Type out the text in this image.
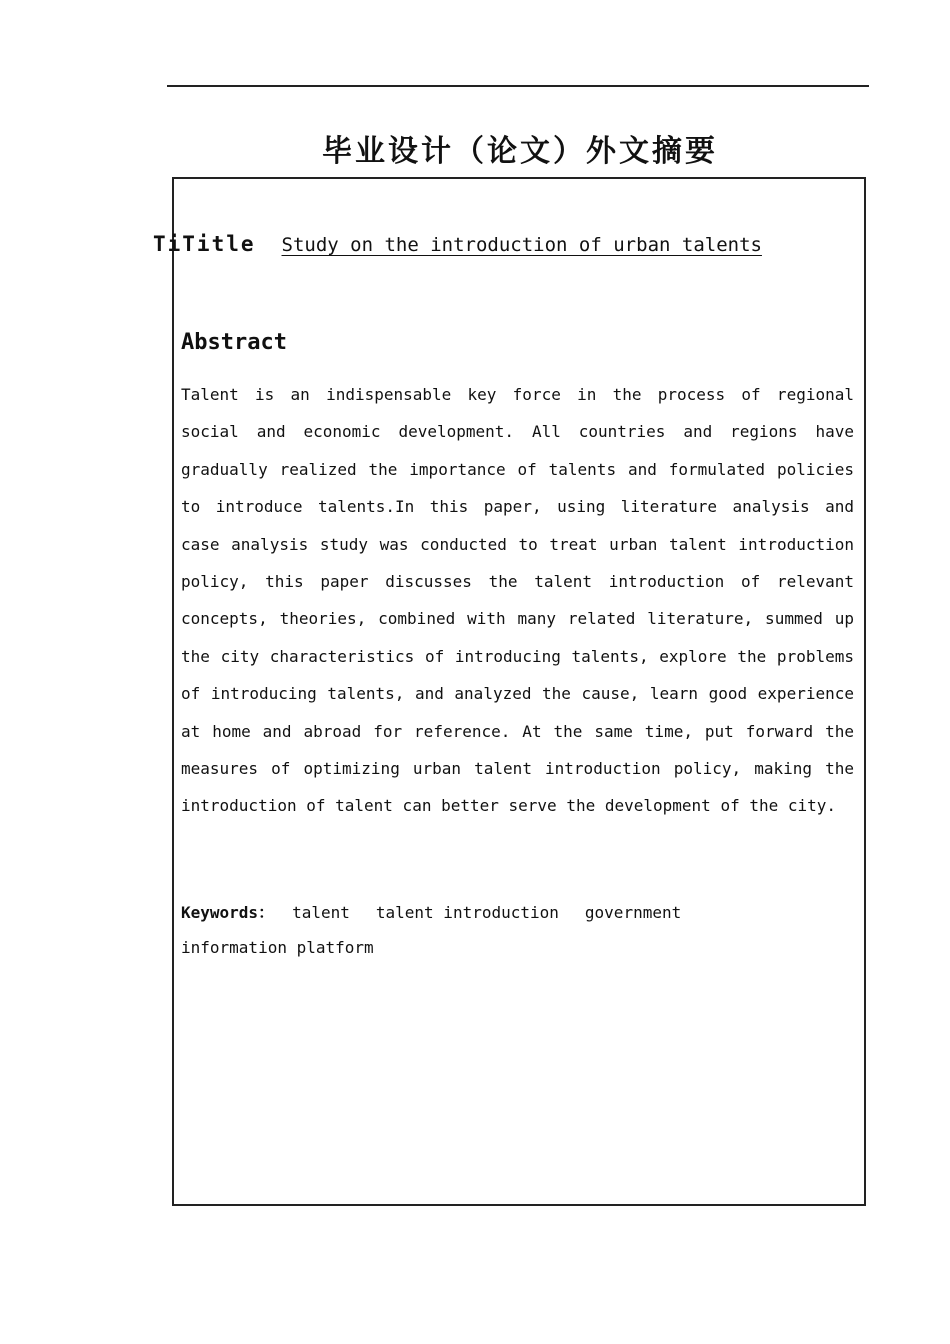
毕业设计（论文）外文摘要
TiTitle Study on the introduction of urban talents
Abstract

Talent is an indispensable key force in the process of regional social and economic development. All countries and regions have gradually realized the importance of talents and formulated policies to introduce talents.In this paper, using literature analysis and case analysis study was conducted to treat urban talent introduction policy, this paper discusses the talent introduction of relevant concepts, theories, combined with many related literature, summed up the city characteristics of introducing talents, explore the problems of introducing talents, and analyzed the cause, learn good experience at home and abroad for reference. At the same time, put forward the measures of optimizing urban talent introduction policy, making the introduction of talent can better serve the development of the city.

Keywords： talent talent introduction government
information platform
